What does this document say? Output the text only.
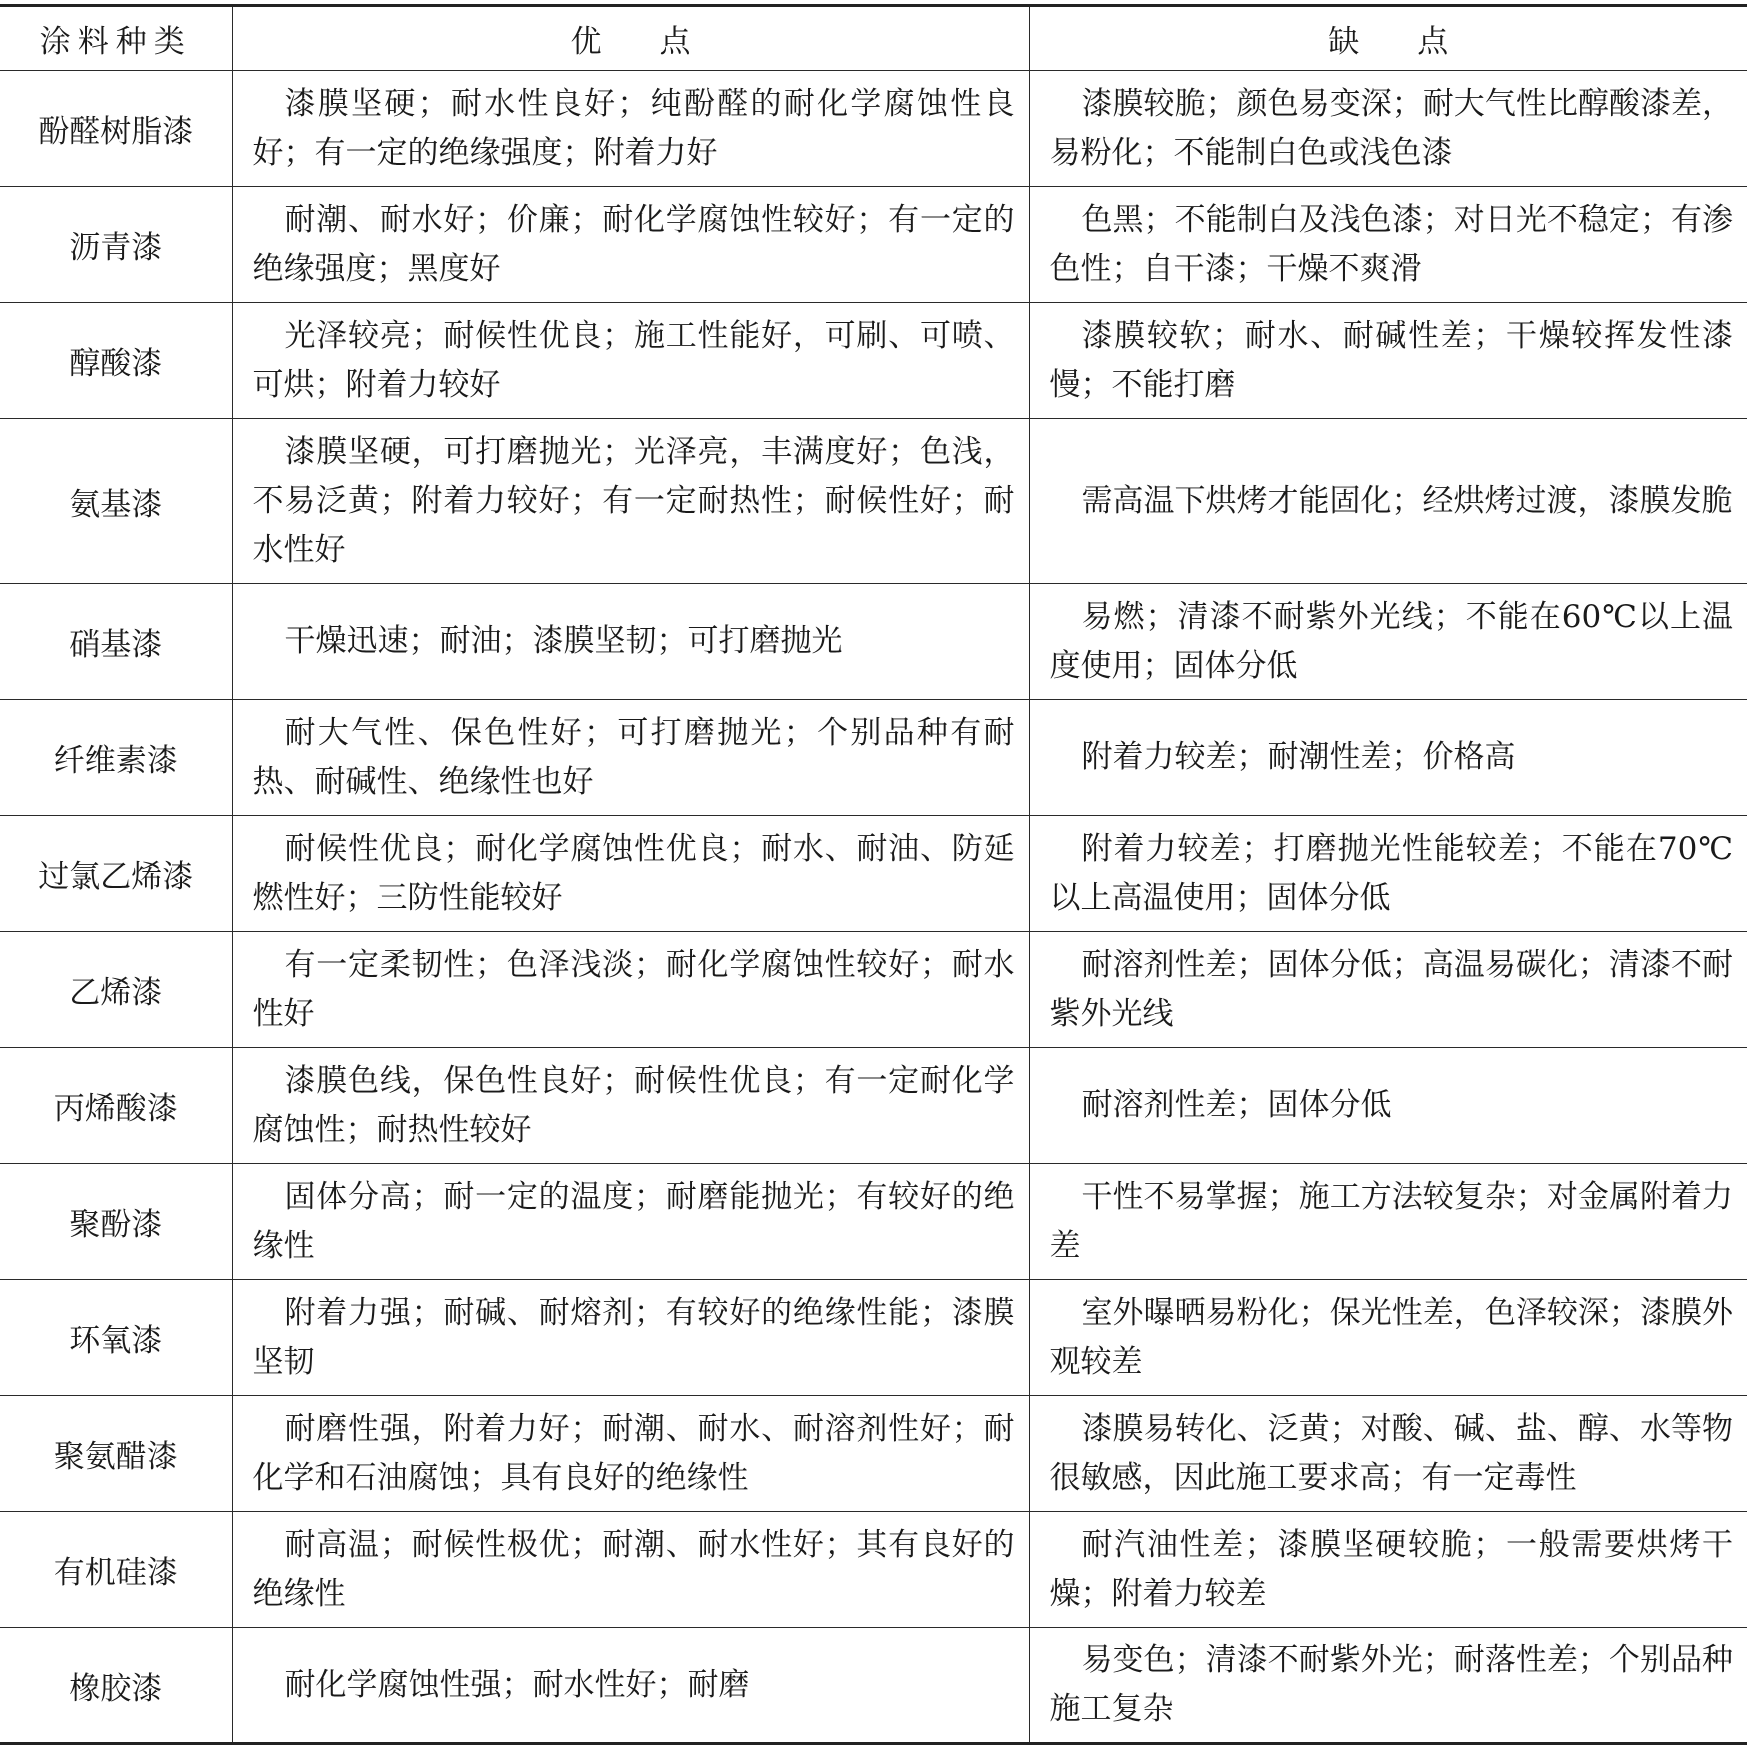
涂料种类	优点	缺点
酚醛树脂漆	漆膜坚硬；耐水性良好；纯酚醛的耐化学腐蚀性良好；有一定的绝缘强度；附着力好	漆膜较脆；颜色易变深；耐大气性比醇酸漆差，易粉化；不能制白色或浅色漆
沥青漆	耐潮、耐水好；价廉；耐化学腐蚀性较好；有一定的绝缘强度；黑度好	色黑；不能制白及浅色漆；对日光不稳定；有渗色性；自干漆；干燥不爽滑
醇酸漆	光泽较亮；耐候性优良；施工性能好，可刷、可喷、可烘；附着力较好	漆膜较软；耐水、耐碱性差；干燥较挥发性漆慢；不能打磨
氨基漆	漆膜坚硬，可打磨抛光；光泽亮，丰满度好；色浅，不易泛黄；附着力较好；有一定耐热性；耐候性好；耐水性好	需高温下烘烤才能固化；经烘烤过渡，漆膜发脆
硝基漆	干燥迅速；耐油；漆膜坚韧；可打磨抛光	易燃；清漆不耐紫外光线；不能在60℃以上温度使用；固体分低
纤维素漆	耐大气性、保色性好；可打磨抛光；个别品种有耐热、耐碱性、绝缘性也好	附着力较差；耐潮性差；价格高
过氯乙烯漆	耐候性优良；耐化学腐蚀性优良；耐水、耐油、防延燃性好；三防性能较好	附着力较差；打磨抛光性能较差；不能在70℃以上高温使用；固体分低
乙烯漆	有一定柔韧性；色泽浅淡；耐化学腐蚀性较好；耐水性好	耐溶剂性差；固体分低；高温易碳化；清漆不耐紫外光线
丙烯酸漆	漆膜色线，保色性良好；耐候性优良；有一定耐化学腐蚀性；耐热性较好	耐溶剂性差；固体分低
聚酚漆	固体分高；耐一定的温度；耐磨能抛光；有较好的绝缘性	干性不易掌握；施工方法较复杂；对金属附着力差
环氧漆	附着力强；耐碱、耐熔剂；有较好的绝缘性能；漆膜坚韧	室外曝晒易粉化；保光性差，色泽较深；漆膜外观较差
聚氨醋漆	耐磨性强，附着力好；耐潮、耐水、耐溶剂性好；耐化学和石油腐蚀；具有良好的绝缘性	漆膜易转化、泛黄；对酸、碱、盐、醇、水等物很敏感，因此施工要求高；有一定毒性
有机硅漆	耐高温；耐候性极优；耐潮、耐水性好；其有良好的绝缘性	耐汽油性差；漆膜坚硬较脆；一般需要烘烤干燥；附着力较差
橡胶漆	耐化学腐蚀性强；耐水性好；耐磨	易变色；清漆不耐紫外光；耐落性差；个别品种施工复杂
